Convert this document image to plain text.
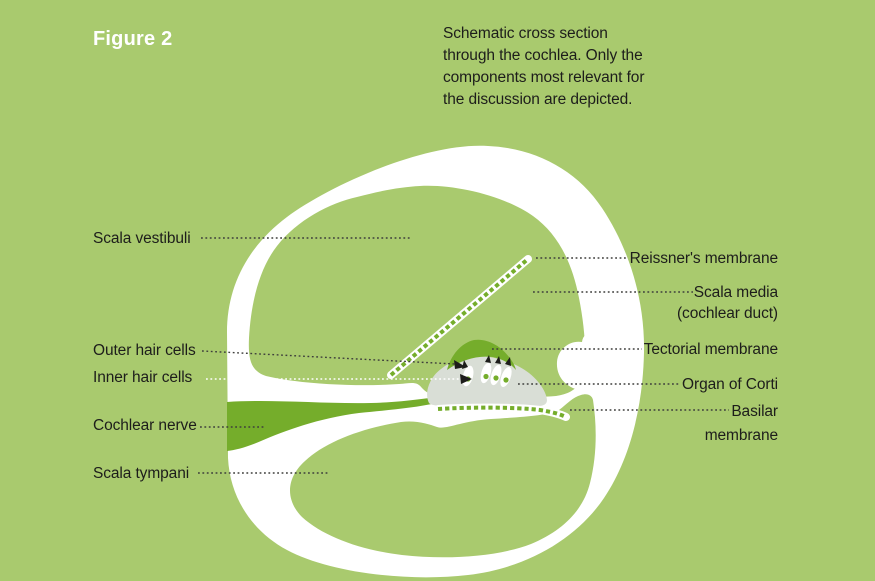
Figure 2	Schematic cross section
through the cochlea. Only the
components most relevant for
the discussion are depicted.
Scala vestibuli
Outer hair cells
Inner hair cells
Cochlear nerve
Scala tympani
Reissner's membrane
Scala media
(cochlear duct)
Tectorial membrane
Organ of Corti
Basilar
membrane
